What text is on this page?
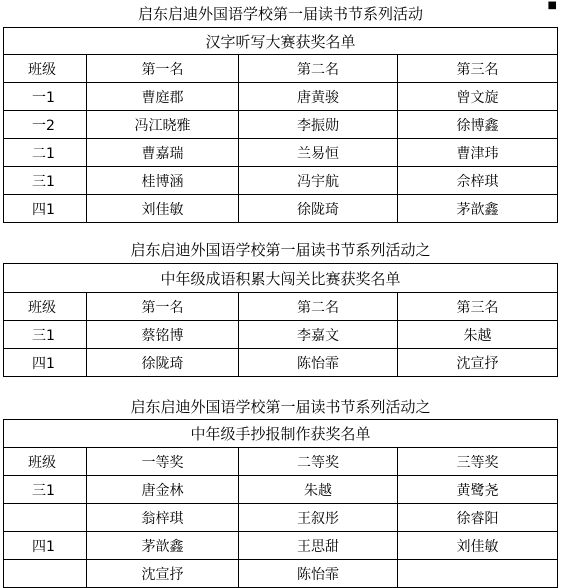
■
启东启迪外国语学校第一届读书节系列活动
汉字听写大赛获奖名单			
班级	第一名	第二名	第三名
一1	曹庭郡	唐黄骏	曾文旋
一2	冯江晓雅	李振勋	徐博鑫
二1	曹嘉瑞	兰易恒	曹津玮
三1	桂博涵	冯宇航	佘梓琪
四1	刘佳敏	徐陇琦	茅歆鑫
启东启迪外国语学校第一届读书节系列活动之
中年级成语积累大闯关比赛获奖名单			
班级	第一名	第二名	第三名
三1	蔡铭博	李嘉文	朱越
四1	徐陇琦	陈怡霏	沈宣抒
启东启迪外国语学校第一届读书节系列活动之
中年级手抄报制作获奖名单			
班级	一等奖	二等奖	三等奖
三1	唐金林	朱越	黄鹭尧
	翁梓琪	王叙彤	徐睿阳
四1	茅歆鑫	王思甜	刘佳敏
	沈宣抒	陈怡霏	
